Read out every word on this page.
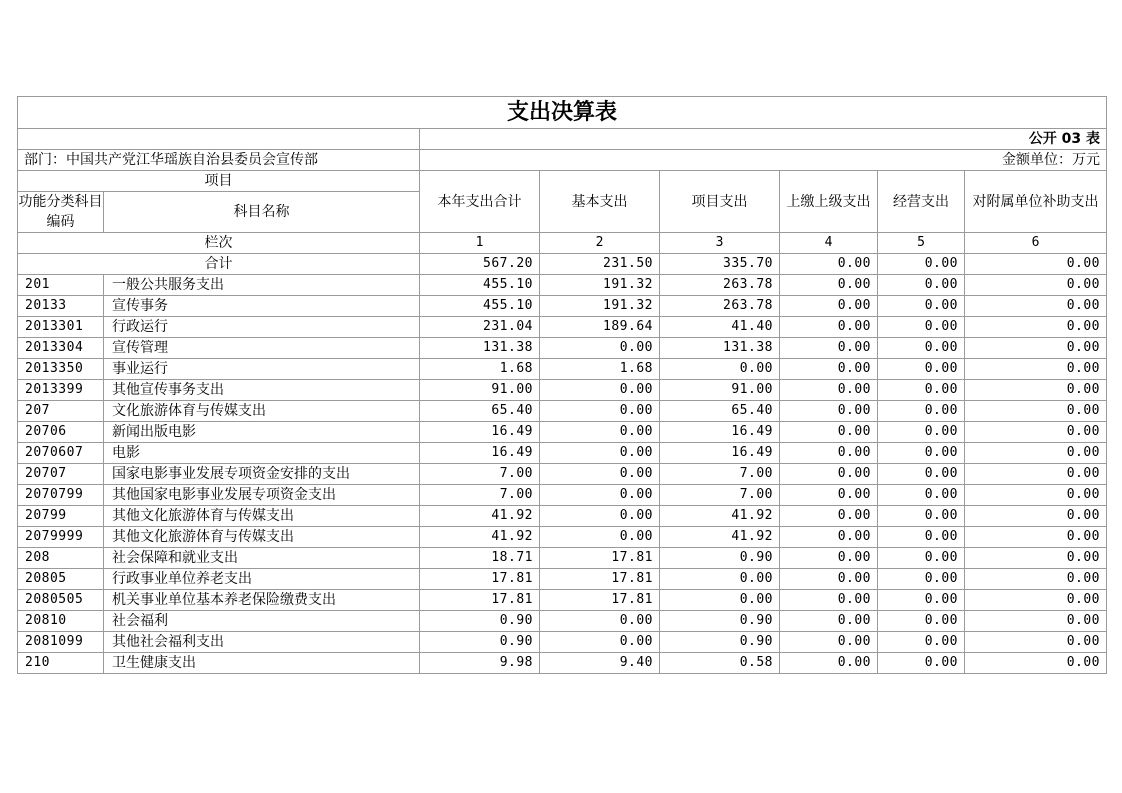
支出决算表							
		公开 03 表					
部门：中国共产党江华瑶族自治县委员会宣传部		金额单位：万元					
项目		本年支出合计	基本支出	项目支出	上缴上级支出	经营支出	对附属单位补助支出
功能分类科目编码	科目名称						
栏次		1	2	3	4	5	6
合计		567.20	231.50	335.70	0.00	0.00	0.00
201	一般公共服务支出	455.10	191.32	263.78	0.00	0.00	0.00
20133	宣传事务	455.10	191.32	263.78	0.00	0.00	0.00
2013301	行政运行	231.04	189.64	41.40	0.00	0.00	0.00
2013304	宣传管理	131.38	0.00	131.38	0.00	0.00	0.00
2013350	事业运行	1.68	1.68	0.00	0.00	0.00	0.00
2013399	其他宣传事务支出	91.00	0.00	91.00	0.00	0.00	0.00
207	文化旅游体育与传媒支出	65.40	0.00	65.40	0.00	0.00	0.00
20706	新闻出版电影	16.49	0.00	16.49	0.00	0.00	0.00
2070607	电影	16.49	0.00	16.49	0.00	0.00	0.00
20707	国家电影事业发展专项资金安排的支出	7.00	0.00	7.00	0.00	0.00	0.00
2070799	其他国家电影事业发展专项资金支出	7.00	0.00	7.00	0.00	0.00	0.00
20799	其他文化旅游体育与传媒支出	41.92	0.00	41.92	0.00	0.00	0.00
2079999	其他文化旅游体育与传媒支出	41.92	0.00	41.92	0.00	0.00	0.00
208	社会保障和就业支出	18.71	17.81	0.90	0.00	0.00	0.00
20805	行政事业单位养老支出	17.81	17.81	0.00	0.00	0.00	0.00
2080505	机关事业单位基本养老保险缴费支出	17.81	17.81	0.00	0.00	0.00	0.00
20810	社会福利	0.90	0.00	0.90	0.00	0.00	0.00
2081099	其他社会福利支出	0.90	0.00	0.90	0.00	0.00	0.00
210	卫生健康支出	9.98	9.40	0.58	0.00	0.00	0.00
